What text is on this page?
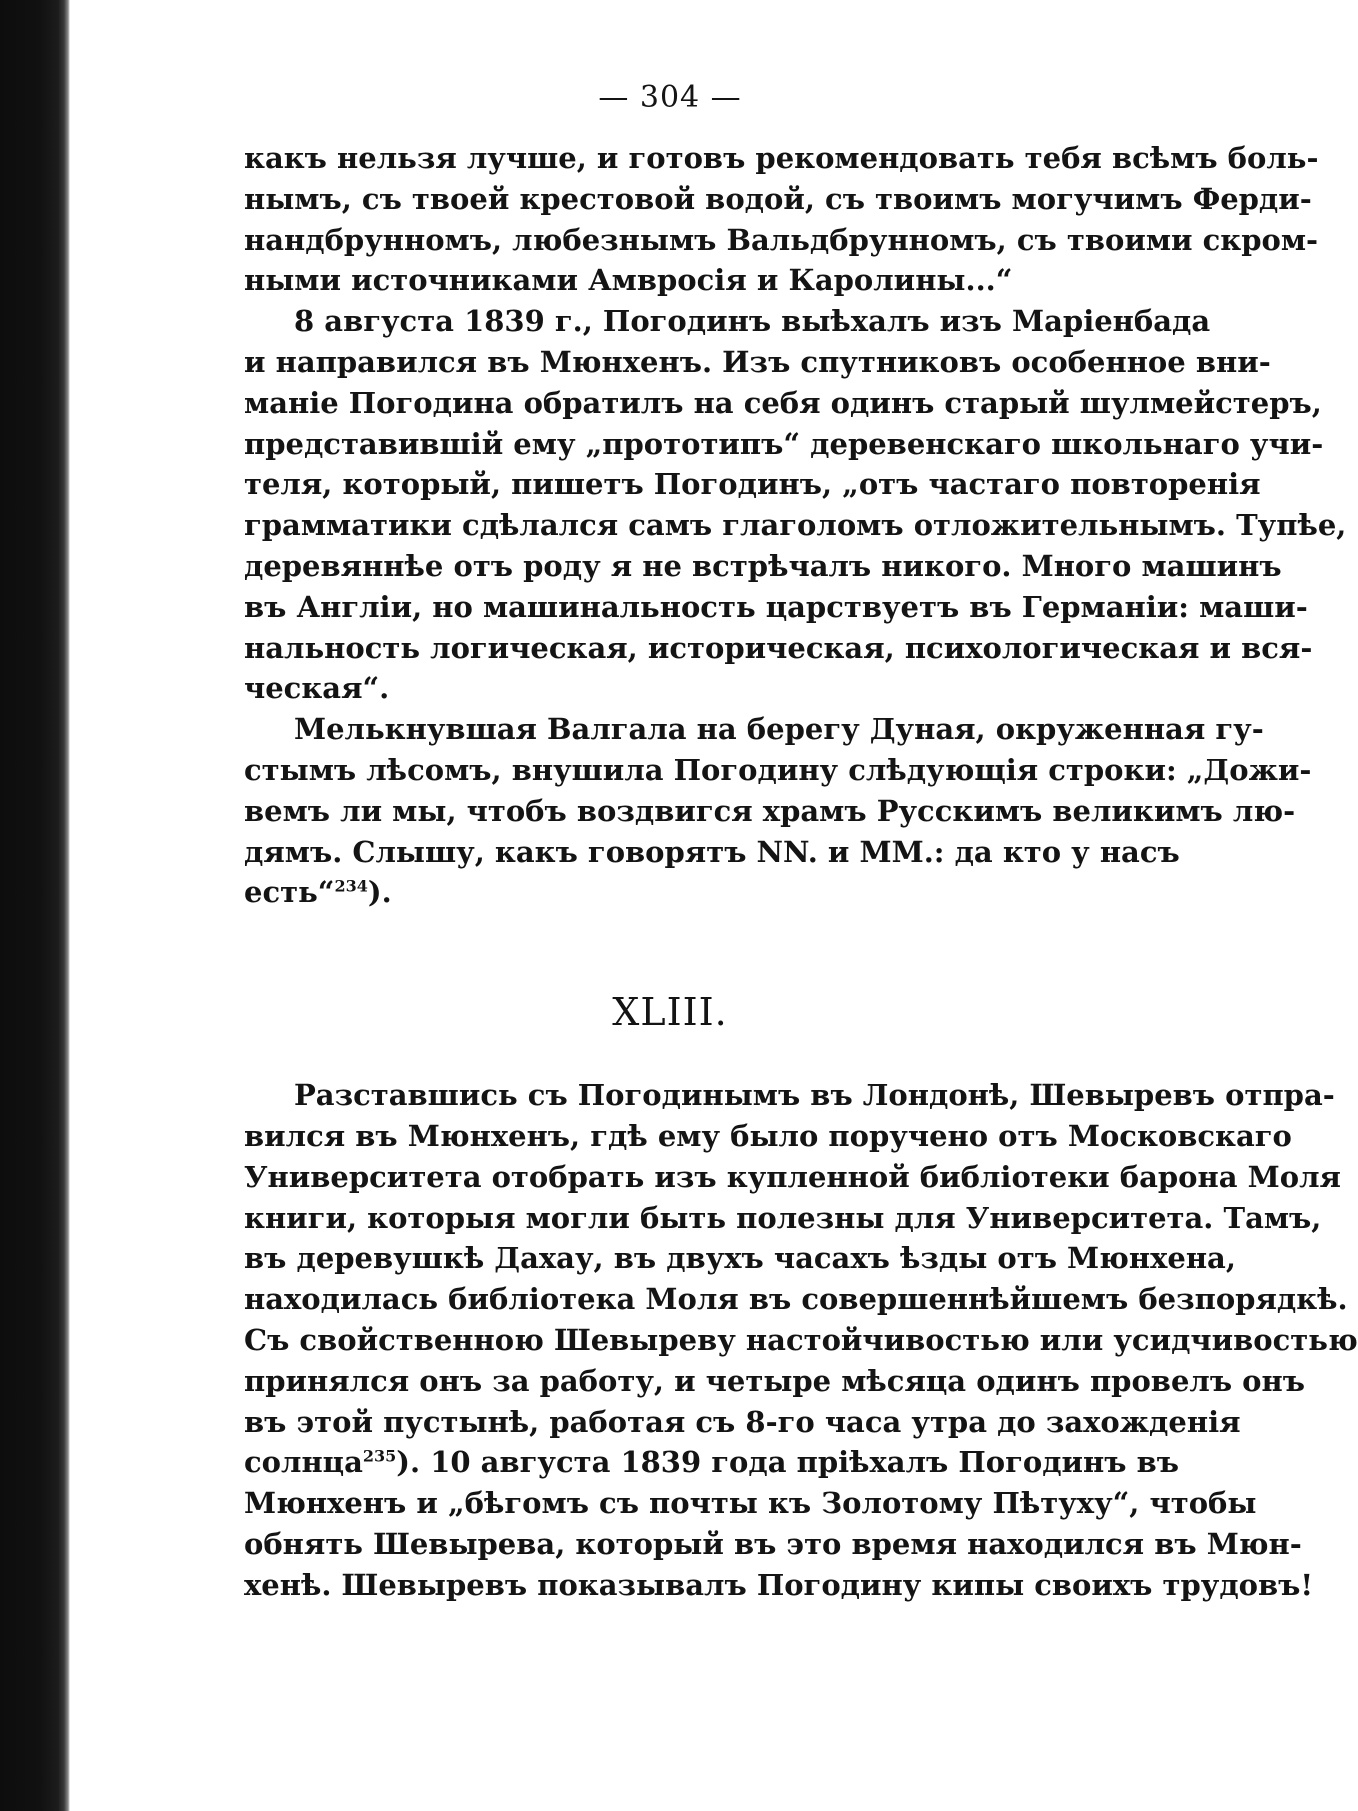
— 304 —

какъ нельзя лучше, и готовъ рекомендовать тебя всѣмъ боль-
нымъ, съ твоей крестовой водой, съ твоимъ могучимъ Ферди-
нандбрунномъ, любезнымъ Вальдбрунномъ, съ твоими скром-
ными источниками Амвросія и Каролины...“

8 августа 1839 г., Погодинъ выѣхалъ изъ Маріенбада
и направился въ Мюнхенъ. Изъ спутниковъ особенное вни-
маніе Погодина обратилъ на себя одинъ старый шулмейстеръ,
представившій ему „прототипъ“ деревенскаго школьнаго учи-
теля, который, пишетъ Погодинъ, „отъ частаго повторенія
грамматики сдѣлался самъ глаголомъ отложительнымъ. Тупѣе,
деревяннѣе отъ роду я не встрѣчалъ никого. Много машинъ
въ Англіи, но машинальность царствуетъ въ Германіи: маши-
нальность логическая, историческая, психологическая и вся-
ческая“.

Мелькнувшая Валгала на берегу Дуная, окруженная гу-
стымъ лѣсомъ, внушила Погодину слѣдующія строки: „Дожи-
вемъ ли мы, чтобъ воздвигся храмъ Русскимъ великимъ лю-
дямъ. Слышу, какъ говорятъ NN. и MM.: да кто у насъ
есть“$^{234}$).

XLIII.

Разставшись съ Погодинымъ въ Лондонѣ, Шевыревъ отпра-
вился въ Мюнхенъ, гдѣ ему было поручено отъ Московскаго
Университета отобрать изъ купленной библіотеки барона Моля
книги, которыя могли быть полезны для Университета. Тамъ,
въ деревушкѣ Дахау, въ двухъ часахъ ѣзды отъ Мюнхена,
находилась библіотека Моля въ совершеннѣйшемъ безпорядкѣ.
Съ свойственною Шевыреву настойчивостью или усидчивостью
принялся онъ за работу, и четыре мѣсяца одинъ провелъ онъ
въ этой пустынѣ, работая съ 8-го часа утра до захожденія
солнца$^{235}$). 10 августа 1839 года пріѣхалъ Погодинъ въ
Мюнхенъ и „бѣгомъ съ почты къ Золотому Пѣтуху“, чтобы
обнять Шевырева, который въ это время находился въ Мюн-
хенѣ. Шевыревъ показывалъ Погодину кипы своихъ трудовъ!
